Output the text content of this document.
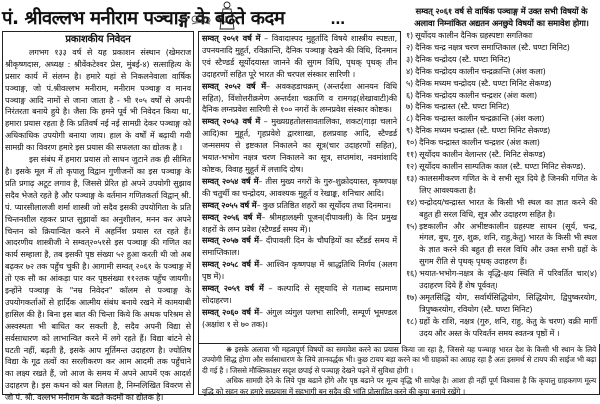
पं. श्रीवल्लभ मनीराम पञ्चाङ्ग के बढते कदम	...
प्रकाशकीय निवेदन

लगभग १३३ वर्ष से यह प्रकाशन संस्थान (खेमराज श्रीकृष्णदास, अध्यक्ष : श्रीवेंकटेश्वर प्रेस, मुंबई-४) सत्साहित्य के प्रसार कार्य में संलग्न है। हमारे यहां से निकलनेवाला वार्षिक पञ्चाङ्ग, जो पं.श्रीवल्लभ मनीराम, मनीराम पञ्चाङ्ग व मानव पञ्चाङ्ग आदि नामों से जाना जाता है - भी १०५ वर्षों से अपनी निरंतरता बनाये हुये है। जैसा कि हमने पूर्व भी निवेदन किया था, हमारा प्रयास रहता है कि प्रतिवर्ष नई नई सामग्री देकर पञ्चाङ्ग को अधिकाधिक उपयोगी बनाया जाय। हाल के वर्षों में बढ़ायी गयी सामग्री का विवरण हमारे इस प्रयास की सफलता का द्योतक है ।

इस संबंध में हमारा प्रयास तो साधन जुटाने तक ही सीमित है। इसके मूल में तो कृपालु विद्वान गुणीजनों का इस पञ्चाङ्ग के प्रति प्रगाढ़ अटूट लगाव है, जिससे प्रेरित हो अपने उपयोगी सुझाव सदैव भेजते रहते है और पञ्चाङ्ग के वर्तमान गणितकर्ता विद्वान् श्री. पं. प्यारसीलालजी शर्मा शास्त्री जो सदैव इसकी उपयोगिता के प्रति चिन्तनशील रहकर प्राप्त सुझावों का अनुशीलन, मनन कर अपने चिन्तन को क्रियान्वित करने में अहर्निश प्रयास रत रहते हैं। आदरणीय शास्त्रीजी ने सम्वत्२०५१से इस पञ्चाङ्ग की गणित का कार्य सम्हाला है, तब इसकी पृष्ठ संख्या ५२ हुआ करती थी जो अब बढ़कर ७२ तक पहुँच चुकी है। आगामी सम्वत् २०६१ के पञ्चाङ्ग में तो एक सौ का आंकड़ा पार कर पृष्ठसंख्या ११२तक पहुँच जायगी। इन्होंने पञ्चाङ्ग के "नम्र निवेदन" कॉलम से पञ्चाङ्ग के उपयोगकर्ताओं से हार्दिक आत्मीय संबंध बनाये रखने में कामयाबी हासिल की है। बिना इस बात की चिन्ता किये कि अथक परिश्रम से अस्वस्थता भी बाधित कर सकती है, सदैव अपनी विद्या से सर्वसाधारण को लाभान्वित करने में लगे रहते हैं। विद्या बांटने से घटती नहीं, बढ़ती है, इसके आप मूर्तिमन्त उदाहरण है। ज्योतिष विद्या के गूढ तत्वों का सरलीकरण कर आम आदमी तक पहुँचाने का लक्ष्य रखते हैं, जो आज के समय में अपने आपमें एक आदर्श उदाहरण है। इस कथन को बल मिलता है, निम्नलिखित विवरण से जो पं. श्री. वल्लभ मनीराम के बढते कदमों का द्योतक है।

सम्वत् २०५१ वर्ष में – विवादास्पद मुहूर्तादि विषये शास्त्रीय स्पष्टता, उपनयनादि मुहूर्त, रविक्रान्ति, दैनिक पञ्चाङ्ग देखने की विधि, दिनमान एवं स्टैण्डर्ड सूर्योदयास्त जानने की सुगम विधि, पृथक् पृथक् तीन उदाहरणों सहित पूरे भारत की चरपल संस्कार सारिणी ।

सम्वत् २०५२ वर्ष में– अवकहडाचक्रम् (अन्तर्दशा आनयन विधि सहित), विंशोत्तरीक्रमेण अन्तर्दशा चक्राणि व रामगढ़(शेखावाटी)की दैनिक लग्नप्रवेश सारिणी से १०० नगरों के लग्नप्रवेश संस्कार कोष्टक।

सम्वत् २०५३ वर्ष में – मुख्यग्रहतोलसावतालिका, शकट(गाड़ा चलाने आदि)का मुहूर्त, गृहप्रवेशे द्वारशाखा, हलप्रवाह आदि, स्टैण्डर्ड जन्मसमय से इष्टकाल निकालने का सूत्र(चार उदाहरणों सहित), भयात-भभोग नक्षत्र चरण निकालने का सूत्र, सप्तमांश, नवमांशादि कोष्टक, विवाह मुहूर्त में लत्तादि दोष।

सम्वत् २०५४ वर्ष में– तीस मुख्य नगरों के गुरु-शुक्रोदयास्त, कृष्णपक्ष की चतुर्थी का चन्द्रोदय, आवश्यक मुहूर्त व रेखाङ्क, शनिचार आदि।

सम्वत् २०५५ वर्ष में– कुछ प्रतिष्ठित शहरों का सूर्योदय तथा दिनमान।

सम्वत् २०५६ वर्ष में– श्रीमहालक्ष्मी पूजन(दीपावली) के दिन प्रमुख शहरों के लग्न प्रवेश (स्टैण्डर्ड समय में)।

सम्वत् २०५७ वर्ष में– दीपावली दिन के चौघड़ियों का स्टैंडर्ड समय में समाप्तिकाल।

सम्वत् २०५८ वर्ष में– आश्विन कृष्णपक्ष में श्राद्धतिथि निर्णय (अलग पृष्ठ में)।

सम्वत् २०५९ वर्ष में – कल्पादि से सृष्ट्यादि से गताब्द सप्रमाण सोदाहरण।

सम्वत् २०६० वर्ष में– अंगुल व्यंगुल पलभा सारिणी, सम्पूर्ण भूमण्डल (अक्षांश १ से ७० तक)।

सम्वत् २०६१ वर्ष से वार्षिक पञ्चाङ्ग में उक्त सभी विषयों के अलावा निम्नांकित अद्यतन अनछुये विषयों का समावेश होगा।
१) सूर्योदय कालीन दैनिक ग्रहस्पष्टाः सगतिकाः
२) दैनिक चन्द्र नक्षत्र चरण समाप्तिकाल (स्टै. घण्टा मिनिट)
३) दैनिक चन्द्रोदय (स्टै. घण्टा मिनिट)
४) दैनिक चन्द्रोदय कालीन चन्द्रक्रान्ति (अंश कला)
५) दैनिक मध्यम चन्द्रोदय (स्टै. घण्टा मिनिट सेकण्ड)
६) दैनिक चन्द्रोदय कालीन चन्द्रशर (अंश कला)
७) दैनिक चन्द्रास्त (स्टै. घण्टा मिनिट)
८) दैनिक चन्द्रास्त कालीन चन्द्रक्रान्ति (अंश कला)
९) दैनिक मध्यम चन्द्रास्त (स्टै. घण्टा मिनिट सेकण्ड)
१०) दैनिक चन्द्रास्त कालीन चन्द्रशर (अंश कला)
११) सूर्योदय कालीन वेलान्तर (स्टै. मिनिट सेकण्ड)
१२) सूर्योदय कालीन साम्पतिक काल (स्टै. घण्टा मिनिट सेकण्ड).
१३) कालसमीकरण गणित के वे सभी सूत्र दिये है जिनकी गणित के लिए आवश्यकता है।
१४) चन्द्रोदय/चन्द्रास्त भारत के किसी भी स्थल का ज्ञात करने की बहुत ही सरल विधि, सूत्र और उदाहरण सहित है।
१५) इष्टकालीन और अभीष्टकालीन ग्रहस्पष्ट साधन (सूर्य, चन्द्र, मंगल, बुध, गुरु, शुक्र, शनि, राहु,केतु) भारत के किसी भी स्थल के ज्ञात करने की बहुत ही सरल विधि और उक्त सभी ग्रहों के सुगम रीति से पृथक् पृथक् उदाहरण हैं।
१६) भयात-भभोग-नक्षत्र के वृद्धि-क्षय स्थिति में परिवर्तित चार(४) उदाहरण दिये हैं शेष पूर्ववत्।
१७) अमृतसिद्धि योग, सर्वार्थसिद्धियोग, सिद्धियोग, द्विपुष्करयोग, त्रिपुष्करयोग, रवियोग (स्टै. घण्टा मिनिट)
१८) ग्रहों के राशि, नक्षत्र (गुरु, शनि, राहु, केतु के चरण) वक्री मार्गी उदय और अस्त के परिवर्तन समय स्वतन्त्र पृष्ठों में ।

❋ इसके अलावा भी महत्वपूर्ण विषयों का समावेश करने का प्रयास किया जा रहा है, जिससे यह पञ्चाङ्ग भारत देश के किसी भी स्थान के लिये उपयोगी सिद्ध होगा और सर्वसाधारण के लिये ज्ञानवर्द्धक भी। कुछ टायप बड़ा करने का भी ग्राहकों का आग्रह रहा है अतः इसमर्थ से टायप की साईज भी बढ़ा दी गई है । जिससे मौक्तिकाक्षर सदृश छपाई से पञ्चाङ्ग देखने पढ़ने में सुविधा होगी ।

अधिक सामग्री देने के लिये पृष्ठ बढाने होंगे और पृष्ठ बढाने पर मूल्य वृद्धि भी सापेक्ष है। आशा ही नहीं पूर्ण विश्वास है कि कृपालु ग्राहकगण मूल्य वृद्धि को सहन कर हमारे सत्प्रयास में सहभागी बन सदैव की भांति प्रोत्साहित करने की कृपा बनाये रखेंगे ।
